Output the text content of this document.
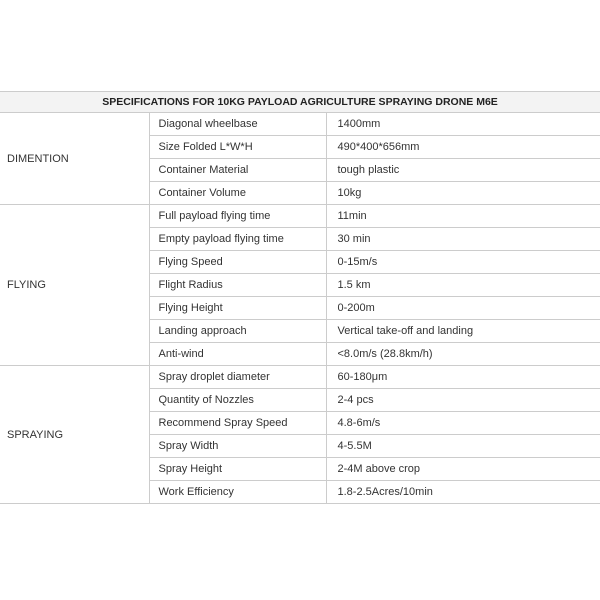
SPECIFICATIONS FOR 10KG PAYLOAD AGRICULTURE SPRAYING DRONE M6E		
DIMENTION	Diagonal wheelbase	1400mm
	Size Folded L*W*H	490*400*656mm
	Container Material	tough plastic
	Container Volume	10kg
FLYING	Full payload flying time	11min
	Empty payload flying time	30 min
	Flying Speed	0-15m/s
	Flight Radius	1.5 km
	Flying Height	0-200m
	Landing approach	Vertical take-off and landing
	Anti-wind	<8.0m/s (28.8km/h)
SPRAYING	Spray droplet diameter	60-180μm
	Quantity of Nozzles	2-4 pcs
	Recommend Spray Speed	4.8-6m/s
	Spray Width	4-5.5M
	Spray Height	2-4M above crop
	Work Efficiency	1.8-2.5Acres/10min
